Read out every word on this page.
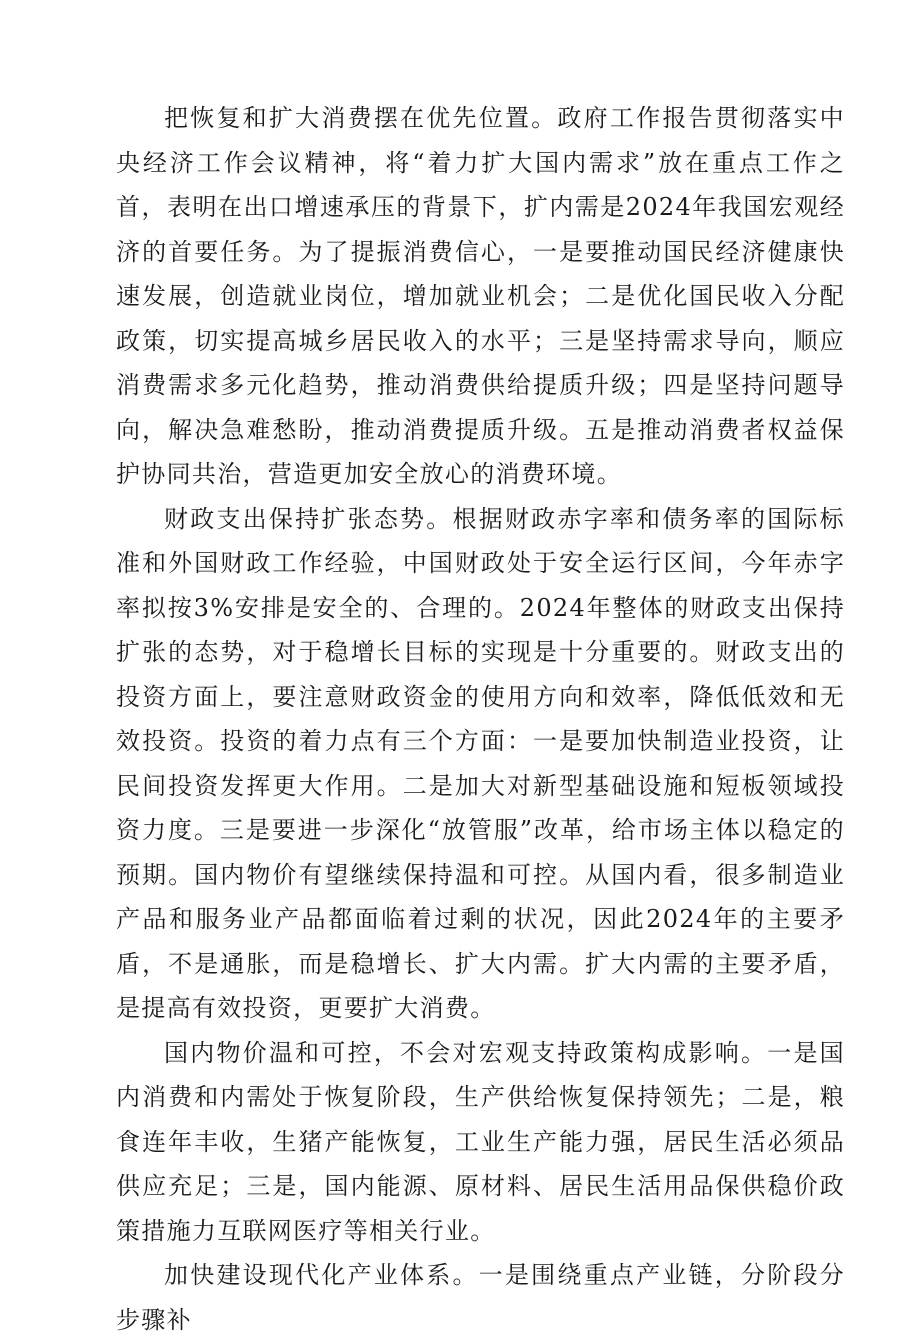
把恢复和扩大消费摆在优先位置。政府工作报告贯彻落实中央经济工作会议精神，将“着力扩大国内需求”放在重点工作之首，表明在出口增速承压的背景下，扩内需是2024年我国宏观经济的首要任务。为了提振消费信心，一是要推动国民经济健康快速发展，创造就业岗位，增加就业机会；二是优化国民收入分配政策，切实提高城乡居民收入的水平；三是坚持需求导向，顺应消费需求多元化趋势，推动消费供给提质升级；四是坚持问题导向，解决急难愁盼，推动消费提质升级。五是推动消费者权益保护协同共治，营造更加安全放心的消费环境。

财政支出保持扩张态势。根据财政赤字率和债务率的国际标准和外国财政工作经验，中国财政处于安全运行区间，今年赤字率拟按3%安排是安全的、合理的。2024年整体的财政支出保持扩张的态势，对于稳增长目标的实现是十分重要的。财政支出的投资方面上，要注意财政资金的使用方向和效率，降低低效和无效投资。投资的着力点有三个方面：一是要加快制造业投资，让民间投资发挥更大作用。二是加大对新型基础设施和短板领域投资力度。三是要进一步深化“放管服”改革，给市场主体以稳定的预期。国内物价有望继续保持温和可控。从国内看，很多制造业产品和服务业产品都面临着过剩的状况，因此2024年的主要矛盾，不是通胀，而是稳增长、扩大内需。扩大内需的主要矛盾，是提高有效投资，更要扩大消费。

国内物价温和可控，不会对宏观支持政策构成影响。一是国内消费和内需处于恢复阶段，生产供给恢复保持领先；二是，粮食连年丰收，生猪产能恢复，工业生产能力强，居民生活必须品供应充足；三是，国内能源、原材料、居民生活用品保供稳价政策措施力互联网医疗等相关行业。

加快建设现代化产业体系。一是围绕重点产业链，分阶段分步骤补
